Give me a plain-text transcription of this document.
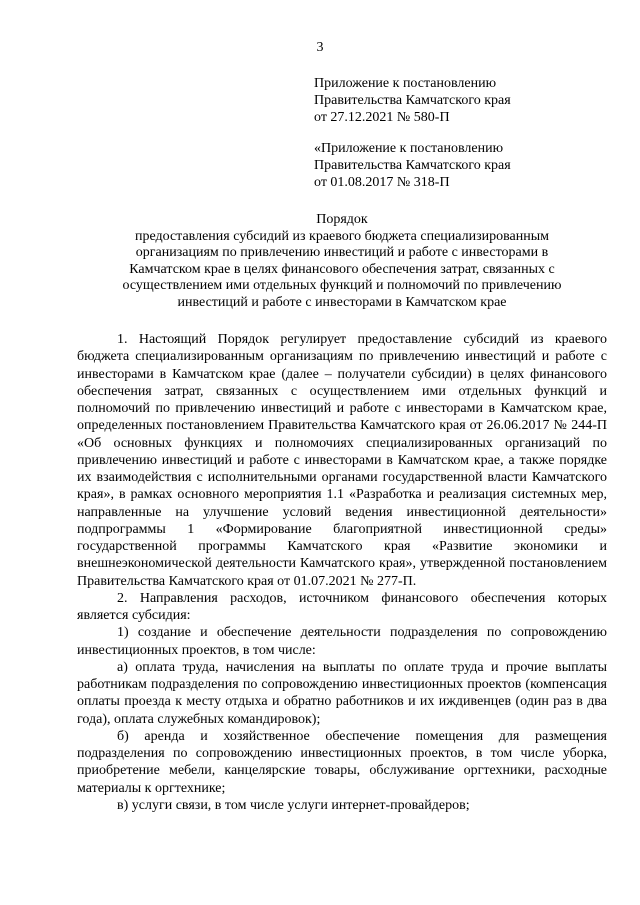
3
Приложение к постановлению
Правительства Камчатского края
от 27.12.2021 № 580-П
«Приложение к постановлению
Правительства Камчатского края
от 01.08.2017 № 318-П
Порядок
предоставления субсидий из краевого бюджета специализированным
организациям по привлечению инвестиций и работе с инвесторами в
Камчатском крае в целях финансового обеспечения затрат, связанных с
осуществлением ими отдельных функций и полномочий по привлечению
инвестиций и работе с инвесторами в Камчатском крае

1. Настоящий Порядок регулирует предоставление субсидий из краевого бюджета специализированным организациям по привлечению инвестиций и работе с инвесторами в Камчатском крае (далее – получатели субсидии) в целях финансового обеспечения затрат, связанных с осуществлением ими отдельных функций и полномочий по привлечению инвестиций и работе с инвесторами в Камчатском крае, определенных постановлением Правительства Камчатского края от 26.06.2017 № 244-П «Об основных функциях и полномочиях специализированных организаций по привлечению инвестиций и работе с инвесторами в Камчатском крае, а также порядке их взаимодействия с исполнительными органами государственной власти Камчатского края», в рамках основного мероприятия 1.1 «Разработка и реализация системных мер, направленные на улучшение условий ведения инвестиционной деятельности» подпрограммы 1 «Формирование благоприятной инвестиционной среды» государственной программы Камчатского края «Развитие экономики и внешнеэкономической деятельности Камчатского края», утвержденной постановлением Правительства Камчатского края от 01.07.2021 № 277-П.

2. Направления расходов, источником финансового обеспечения которых является субсидия:

1) создание и обеспечение деятельности подразделения по сопровождению инвестиционных проектов, в том числе:

а) оплата труда, начисления на выплаты по оплате труда и прочие выплаты работникам подразделения по сопровождению инвестиционных проектов (компенсация оплаты проезда к месту отдыха и обратно работников и их иждивенцев (один раз в два года), оплата служебных командировок);

б) аренда и хозяйственное обеспечение помещения для размещения подразделения по сопровождению инвестиционных проектов, в том числе уборка, приобретение мебели, канцелярские товары, обслуживание оргтехники, расходные материалы к оргтехнике;

в) услуги связи, в том числе услуги интернет-провайдеров;
